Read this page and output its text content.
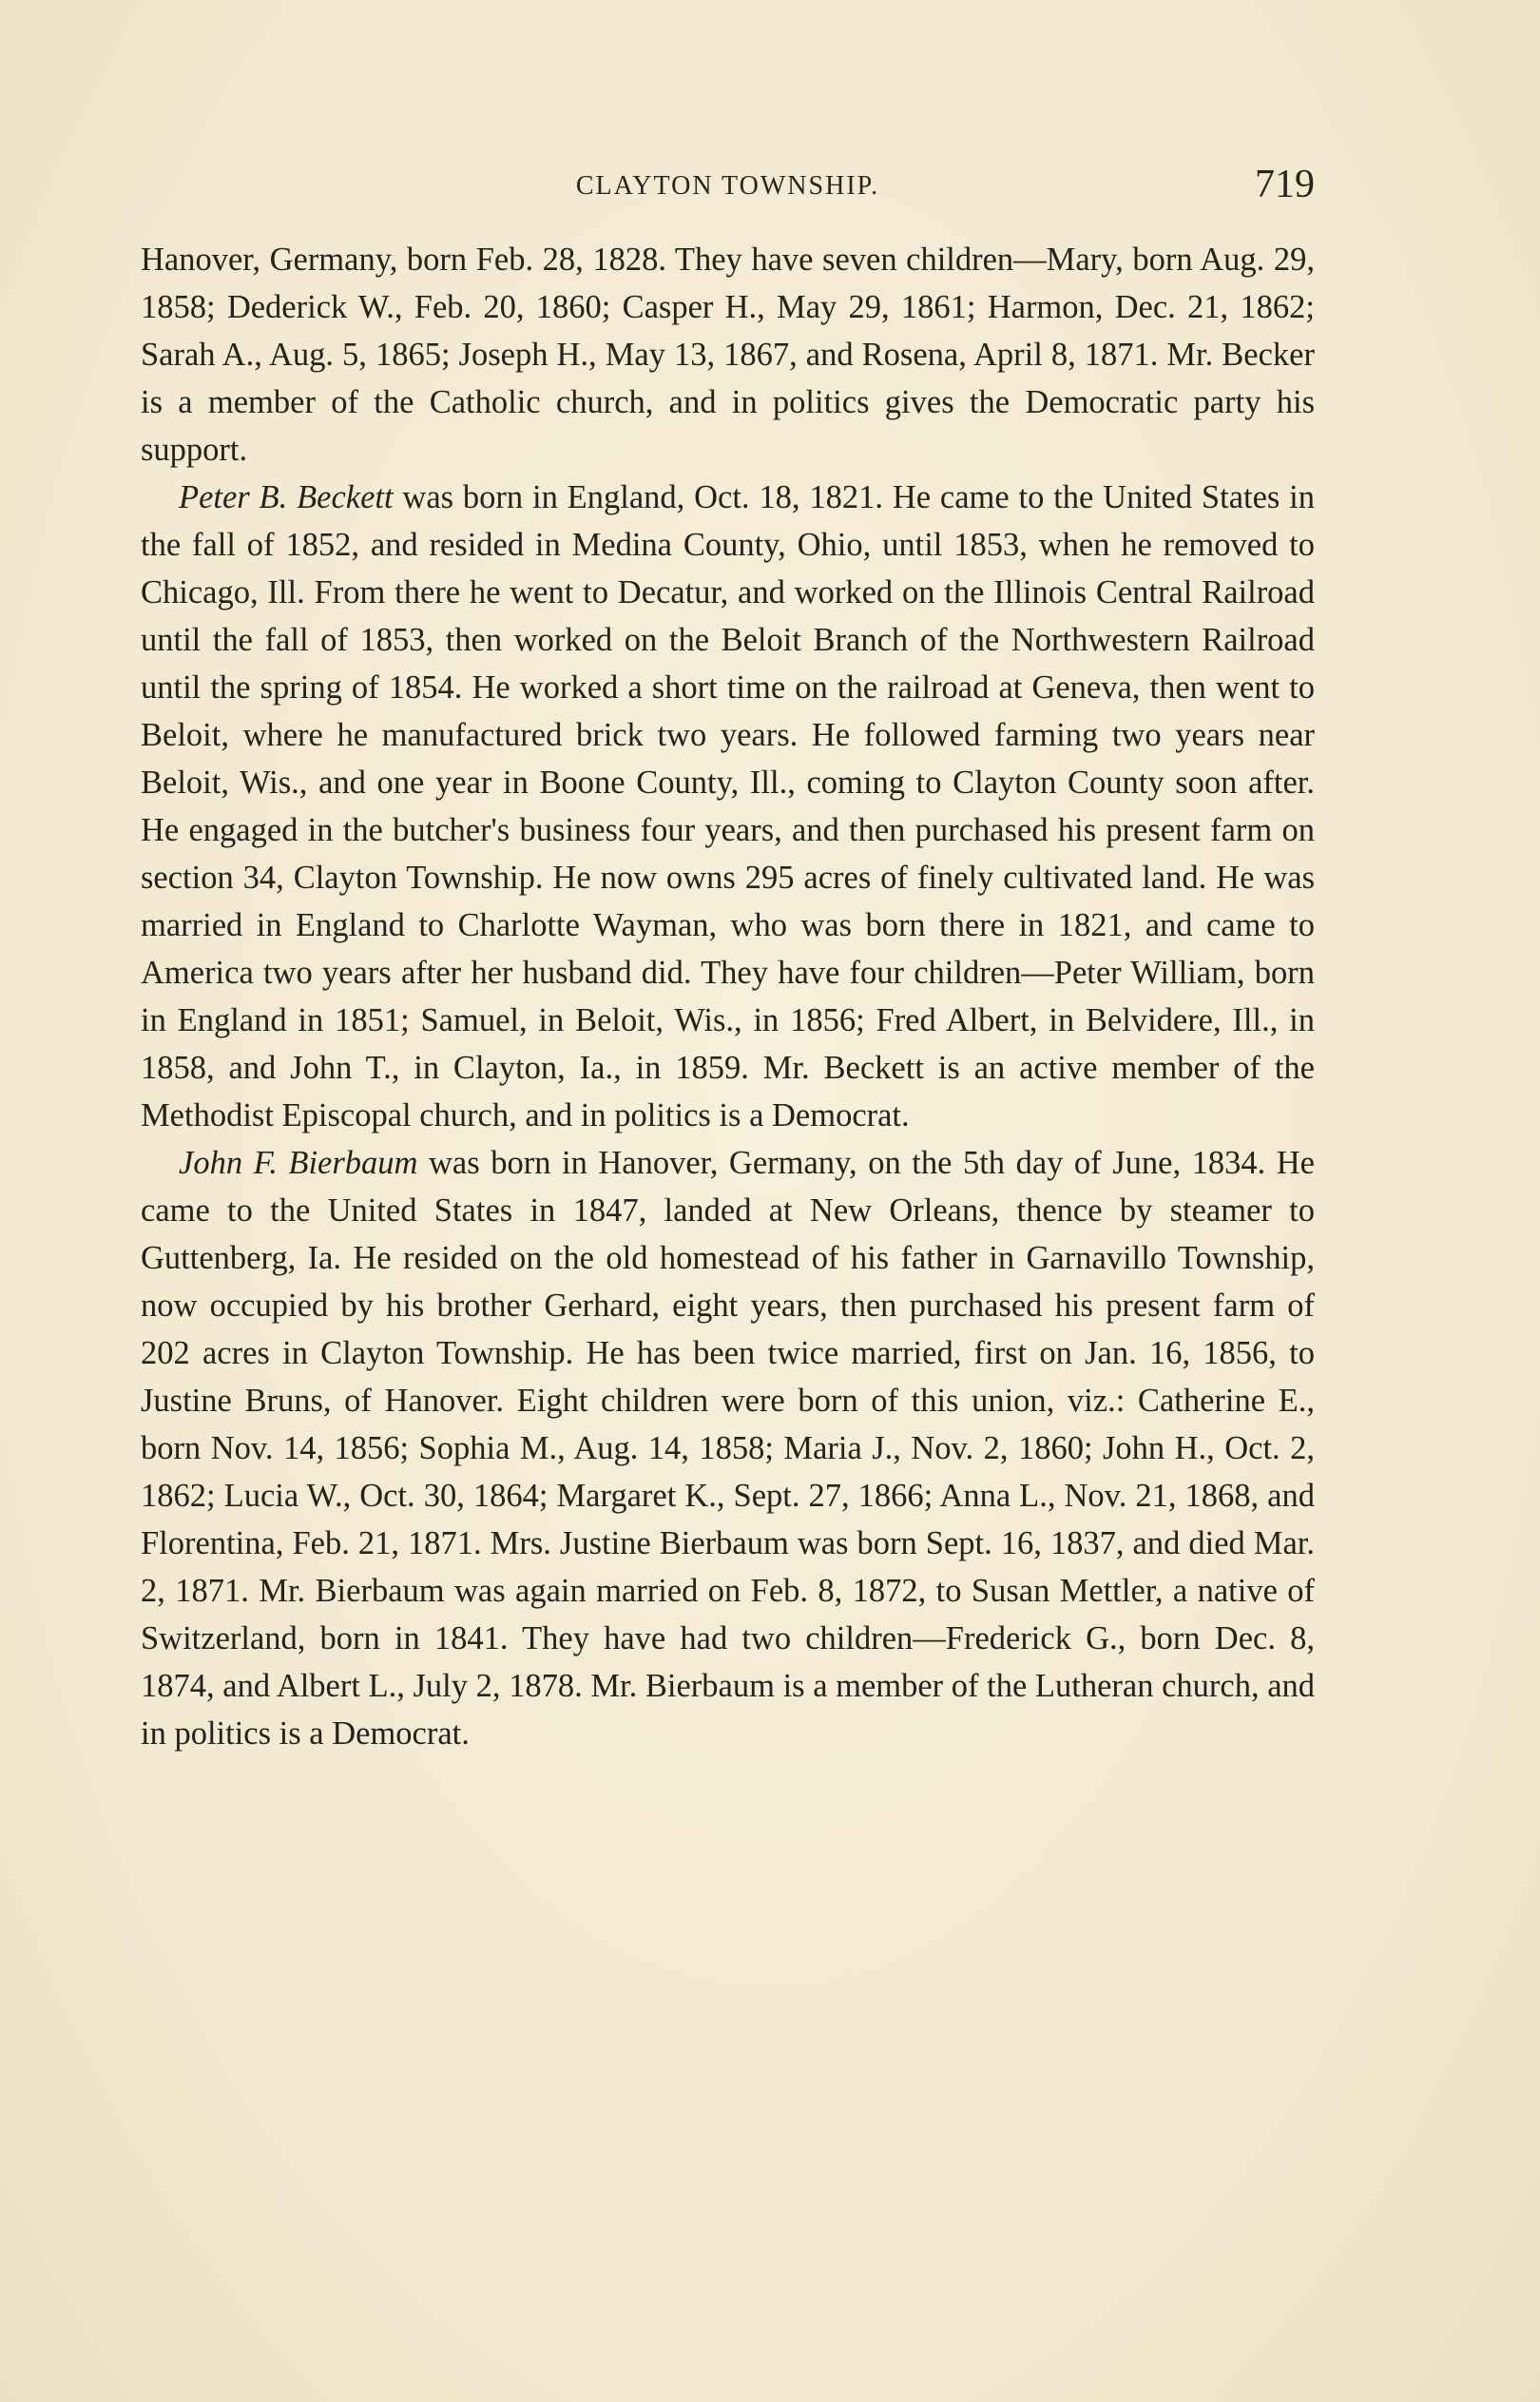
CLAYTON TOWNSHIP.	719

Hanover, Germany, born Feb. 28, 1828. They have seven children—Mary, born Aug. 29, 1858; Dederick W., Feb. 20, 1860; Casper H., May 29, 1861; Harmon, Dec. 21, 1862; Sarah A., Aug. 5, 1865; Joseph H., May 13, 1867, and Rosena, April 8, 1871. Mr. Becker is a member of the Catholic church, and in politics gives the Democratic party his support.

Peter B. Beckett was born in England, Oct. 18, 1821. He came to the United States in the fall of 1852, and resided in Medina County, Ohio, until 1853, when he removed to Chicago, Ill. From there he went to Decatur, and worked on the Illinois Central Railroad until the fall of 1853, then worked on the Beloit Branch of the Northwestern Railroad until the spring of 1854. He worked a short time on the railroad at Geneva, then went to Beloit, where he manufactured brick two years. He followed farming two years near Beloit, Wis., and one year in Boone County, Ill., coming to Clayton County soon after. He engaged in the butcher's business four years, and then purchased his present farm on section 34, Clayton Township. He now owns 295 acres of finely cultivated land. He was married in England to Charlotte Wayman, who was born there in 1821, and came to America two years after her husband did. They have four children—Peter William, born in England in 1851; Samuel, in Beloit, Wis., in 1856; Fred Albert, in Belvidere, Ill., in 1858, and John T., in Clayton, Ia., in 1859. Mr. Beckett is an active member of the Methodist Episcopal church, and in politics is a Democrat.

John F. Bierbaum was born in Hanover, Germany, on the 5th day of June, 1834. He came to the United States in 1847, landed at New Orleans, thence by steamer to Guttenberg, Ia. He resided on the old homestead of his father in Garnavillo Township, now occupied by his brother Gerhard, eight years, then purchased his present farm of 202 acres in Clayton Township. He has been twice married, first on Jan. 16, 1856, to Justine Bruns, of Hanover. Eight children were born of this union, viz.: Catherine E., born Nov. 14, 1856; Sophia M., Aug. 14, 1858; Maria J., Nov. 2, 1860; John H., Oct. 2, 1862; Lucia W., Oct. 30, 1864; Margaret K., Sept. 27, 1866; Anna L., Nov. 21, 1868, and Florentina, Feb. 21, 1871. Mrs. Justine Bierbaum was born Sept. 16, 1837, and died Mar. 2, 1871. Mr. Bierbaum was again married on Feb. 8, 1872, to Susan Mettler, a native of Switzerland, born in 1841. They have had two children—Frederick G., born Dec. 8, 1874, and Albert L., July 2, 1878. Mr. Bierbaum is a member of the Lutheran church, and in politics is a Democrat.
